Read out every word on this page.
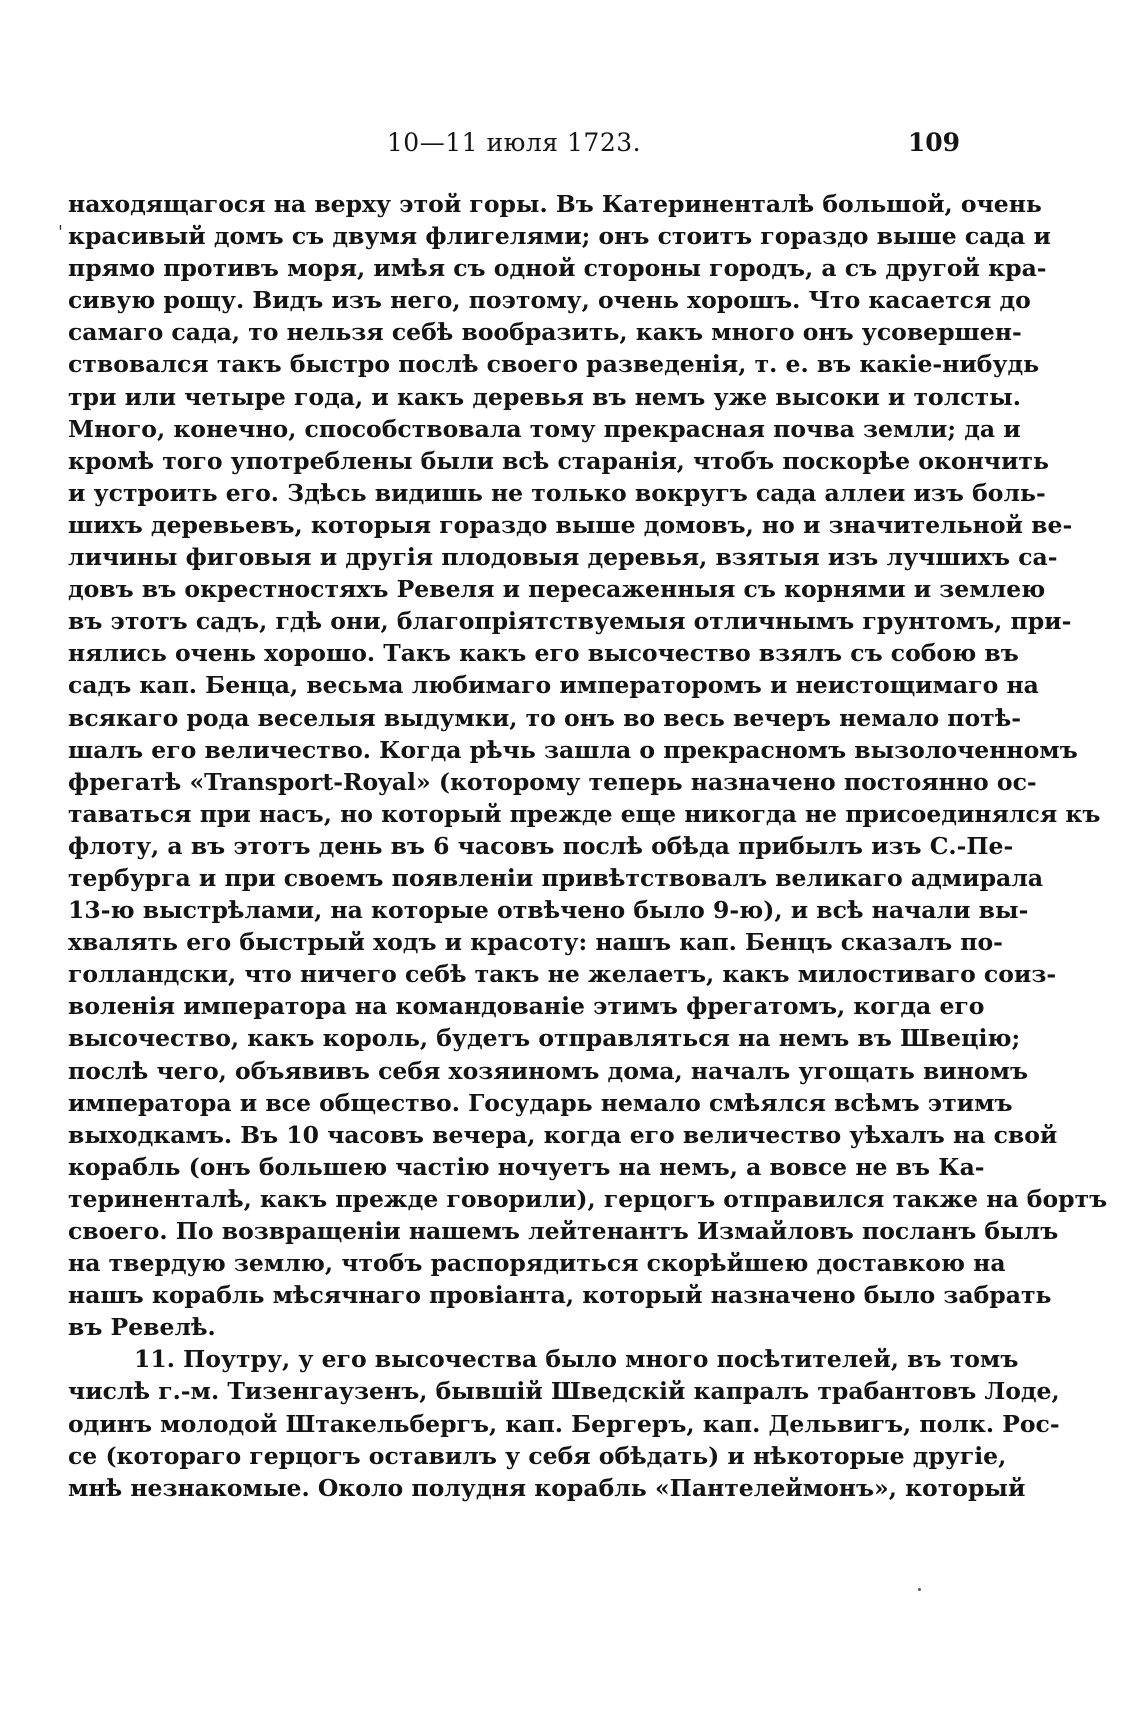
10—11 июля 1723.	109
'
находящагося на верху этой горы. Въ Катериненталѣ большой, очень
красивый домъ съ двумя флигелями; онъ стоитъ гораздо выше сада и
прямо противъ моря, имѣя съ одной стороны городъ, а съ другой кра-
сивую рощу. Видъ изъ него, поэтому, очень хорошъ. Что касается до
самаго сада, то нельзя себѣ вообразить, какъ много онъ усовершен-
ствовался такъ быстро послѣ своего разведенія, т. е. въ какіе-нибудь
три или четыре года, и какъ деревья въ немъ уже высоки и толсты.
Много, конечно, способствовала тому прекрасная почва земли; да и
кромѣ того употреблены были всѣ старанія, чтобъ поскорѣе окончить
и устроить его. Здѣсь видишь не только вокругъ сада аллеи изъ боль-
шихъ деревьевъ, которыя гораздо выше домовъ, но и значительной ве-
личины фиговыя и другія плодовыя деревья, взятыя изъ лучшихъ са-
довъ въ окрестностяхъ Ревеля и пересаженныя съ корнями и землею
въ этотъ садъ, гдѣ они, благопріятствуемыя отличнымъ грунтомъ, при-
нялись очень хорошо. Такъ какъ его высочество взялъ съ собою въ
садъ кап. Бенца, весьма любимаго императоромъ и неистощимаго на
всякаго рода веселыя выдумки, то онъ во весь вечеръ немало потѣ-
шалъ его величество. Когда рѣчь зашла о прекрасномъ вызолоченномъ
фрегатѣ «Transport-Royal» (которому теперь назначено постоянно ос-
таваться при насъ, но который прежде еще никогда не присоединялся къ
флоту, а въ этотъ день въ 6 часовъ послѣ обѣда прибылъ изъ С.-Пе-
тербурга и при своемъ появленіи привѣтствовалъ великаго адмирала
13-ю выстрѣлами, на которые отвѣчено было 9-ю), и всѣ начали вы-
хвалять его быстрый ходъ и красоту: нашъ кап. Бенцъ сказалъ по-
голландски, что ничего себѣ такъ не желаетъ, какъ милостиваго соиз-
воленія императора на командованіе этимъ фрегатомъ, когда его
высочество, какъ король, будетъ отправляться на немъ въ Швецію;
послѣ чего, объявивъ себя хозяиномъ дома, началъ угощать виномъ
императора и все общество. Государь немало смѣялся всѣмъ этимъ
выходкамъ. Въ 10 часовъ вечера, когда его величество уѣхалъ на свой
корабль (онъ большею частію ночуетъ на немъ, а вовсе не въ Ка-
териненталѣ, какъ прежде говорили), герцогъ отправился также на бортъ
своего. По возвращеніи нашемъ лейтенантъ Измайловъ посланъ былъ
на твердую землю, чтобъ распорядиться скорѣйшею доставкою на
нашъ корабль мѣсячнаго провіанта, который назначено было забрать
въ Ревелѣ.
11. Поутру, у его высочества было много посѣтителей, въ томъ
числѣ г.-м. Тизенгаузенъ, бывшій Шведскій капралъ трабантовъ Лоде,
одинъ молодой Штакельбергъ, кап. Бергеръ, кап. Дельвигъ, полк. Рос-
се (котораго герцогъ оставилъ у себя обѣдать) и нѣкоторые другіе,
мнѣ незнакомые. Около полудня корабль «Пантелеймонъ», который
